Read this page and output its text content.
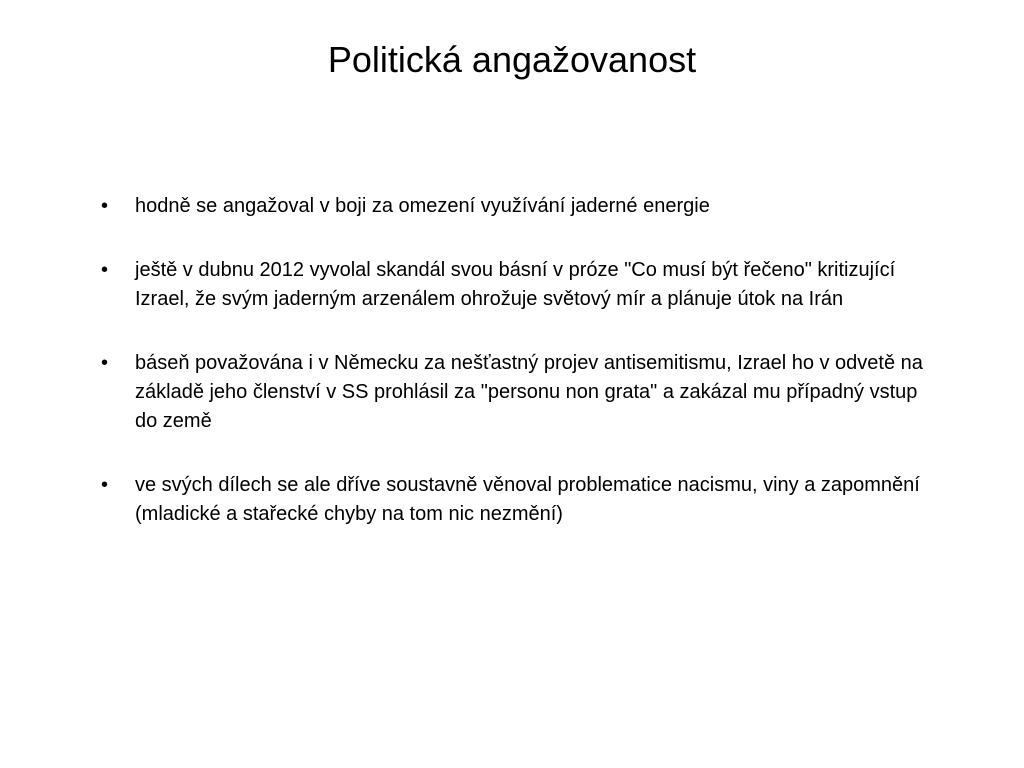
Politická angažovanost
•	hodně se angažoval v boji za omezení využívání jaderné energie
•	ještě v dubnu 2012 vyvolal skandál svou básní v próze "Co musí být řečeno" kritizující Izrael, že svým jaderným arzenálem ohrožuje světový mír a plánuje útok na Irán
•	báseň považována i v Německu za nešťastný projev antisemitismu, Izrael ho v odvetě na základě jeho členství v SS prohlásil za "personu non grata" a zakázal mu případný vstup do země
•	ve svých dílech se ale dříve soustavně věnoval problematice nacismu, viny a zapomnění (mladické a stařecké chyby na tom nic nezmění)
